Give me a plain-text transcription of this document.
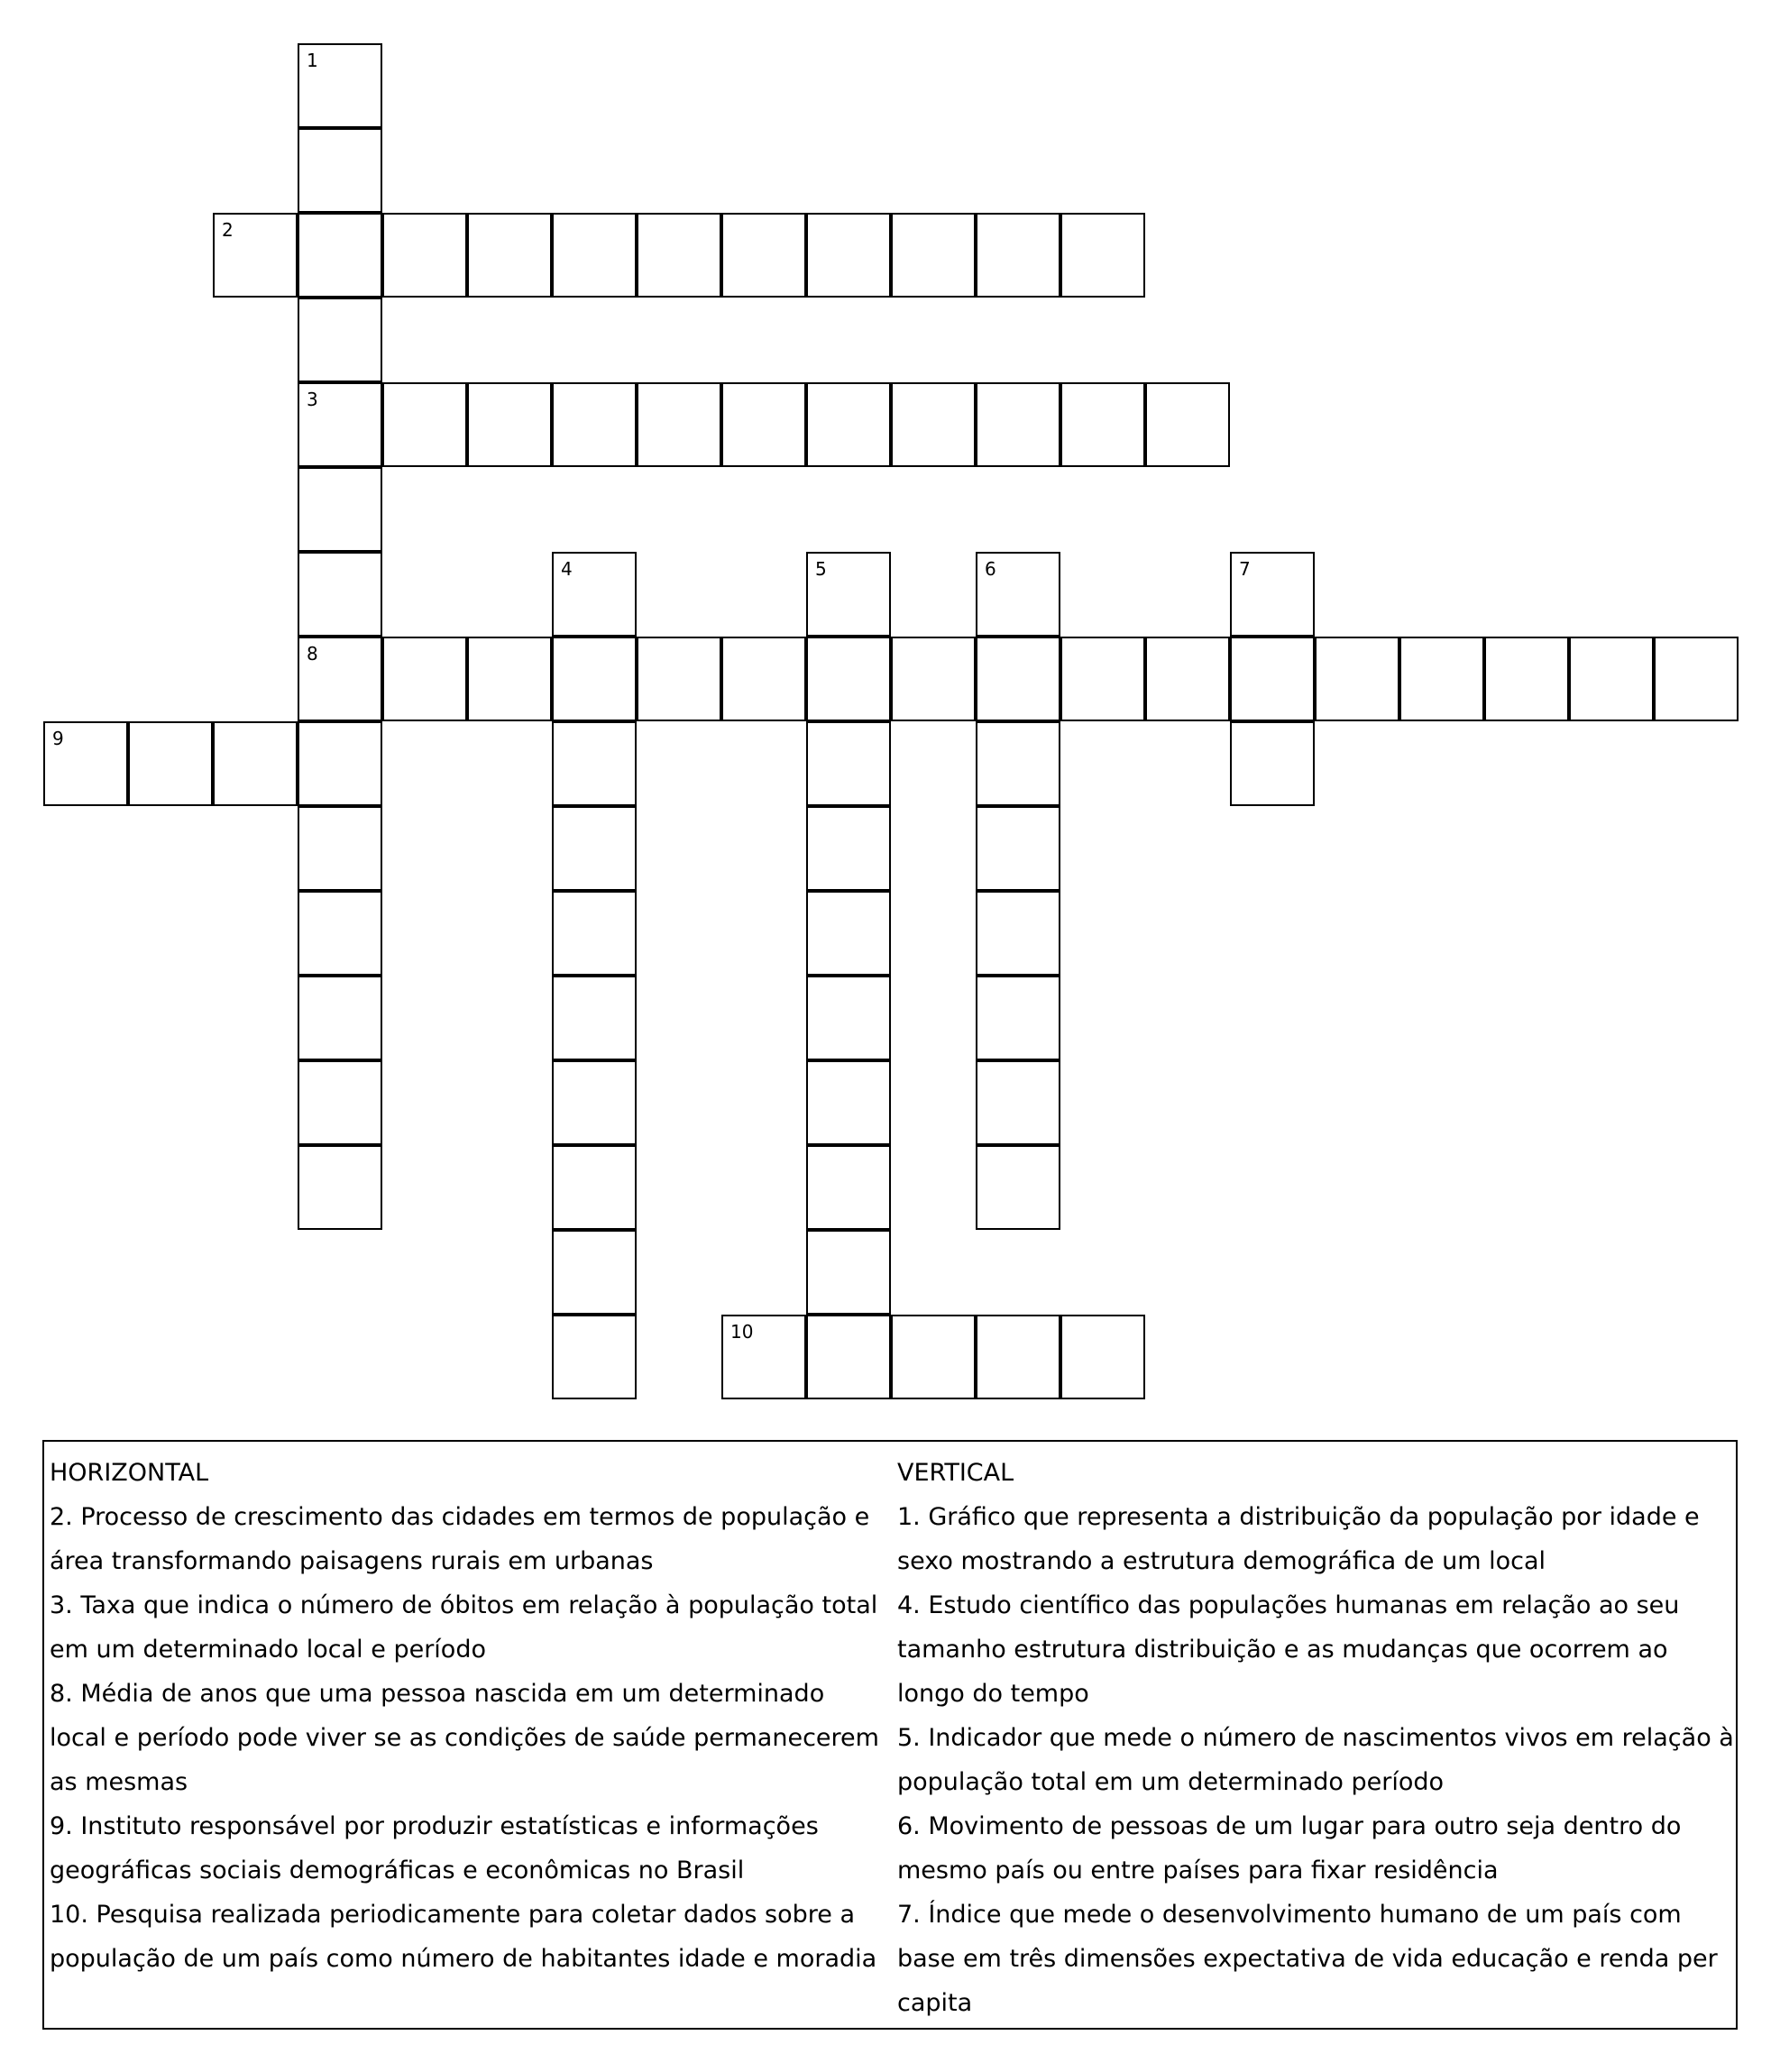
1
3
8
2
4	5	6	7
9
10

HORIZONTAL

2. Processo de crescimento das cidades em termos de população e área transformando paisagens rurais em urbanas

3. Taxa que indica o número de óbitos em relação à população total em um determinado local e período

8. Média de anos que uma pessoa nascida em um determinado local e período pode viver se as condições de saúde permanecerem as mesmas

9. Instituto responsável por produzir estatísticas e informações geográficas sociais demográficas e econômicas no Brasil

10. Pesquisa realizada periodicamente para coletar dados sobre a população de um país como número de habitantes idade e moradia

VERTICAL

1. Gráfico que representa a distribuição da população por idade e sexo mostrando a estrutura demográfica de um local

4. Estudo científico das populações humanas em relação ao seu tamanho estrutura distribuição e as mudanças que ocorrem ao longo do tempo

5. Indicador que mede o número de nascimentos vivos em relação à população total em um determinado período

6. Movimento de pessoas de um lugar para outro seja dentro do mesmo país ou entre países para fixar residência

7. Índice que mede o desenvolvimento humano de um país com base em três dimensões expectativa de vida educação e renda per capita
